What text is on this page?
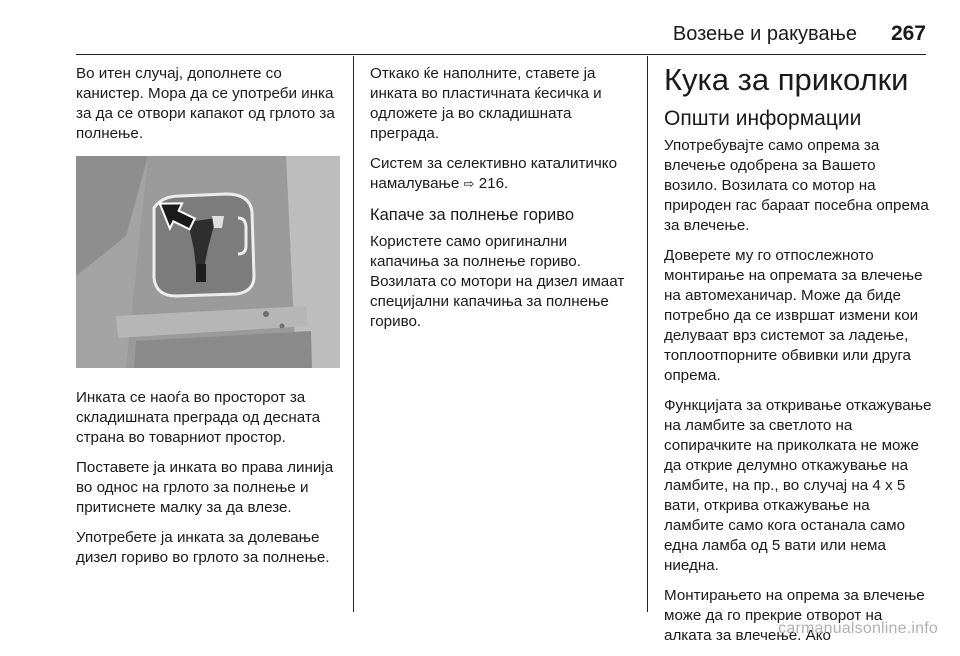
Возење и ракување 267

Во итен случај, дополнете со канистер. Мора да се употреби инка за да се отвори капакот од грлото за полнење.

Инката се наоѓа во просторот за складишната преграда од десната страна во товарниот простор.

Поставете ја инката во права линија во однос на грлото за полнење и притиснете малку за да влезе.

Употребете ја инката за долевање дизел гориво во грлото за полнење.

Откако ќе наполните, ставете ја инката во пластичната ќесичка и одложете ја во складишната преграда.

Систем за селективно каталитичко намалување ⇨ 216.

Капаче за полнење гориво

Користете само оригинални капачиња за полнење гориво. Возилата со мотори на дизел имаат специјални капачиња за полнење гориво.

Кука за приколки
Општи информации

Употребувајте само опрема за влечење одобрена за Вашето возило. Возилата со мотор на природен гас бараат посебна опрема за влечење.

Доверете му го отпослежното монтирање на опремата за влечење на автомеханичар. Може да биде потребно да се извршат измени кои делуваат врз системот за ладење, топлоотпорните обвивки или друга опрема.

Функцијата за откривање откажување на ламбите за светлото на сопирачките на приколката не може да открие делумно откажување на ламбите, на пр., во случај на 4 x 5 вати, открива откажување на ламбите само кога останала само една ламба од 5 вати или нема ниедна.

Монтирањето на опрема за влечење може да го прекрие отворот на алката за влечење. Ако

carmanualsonline.info
